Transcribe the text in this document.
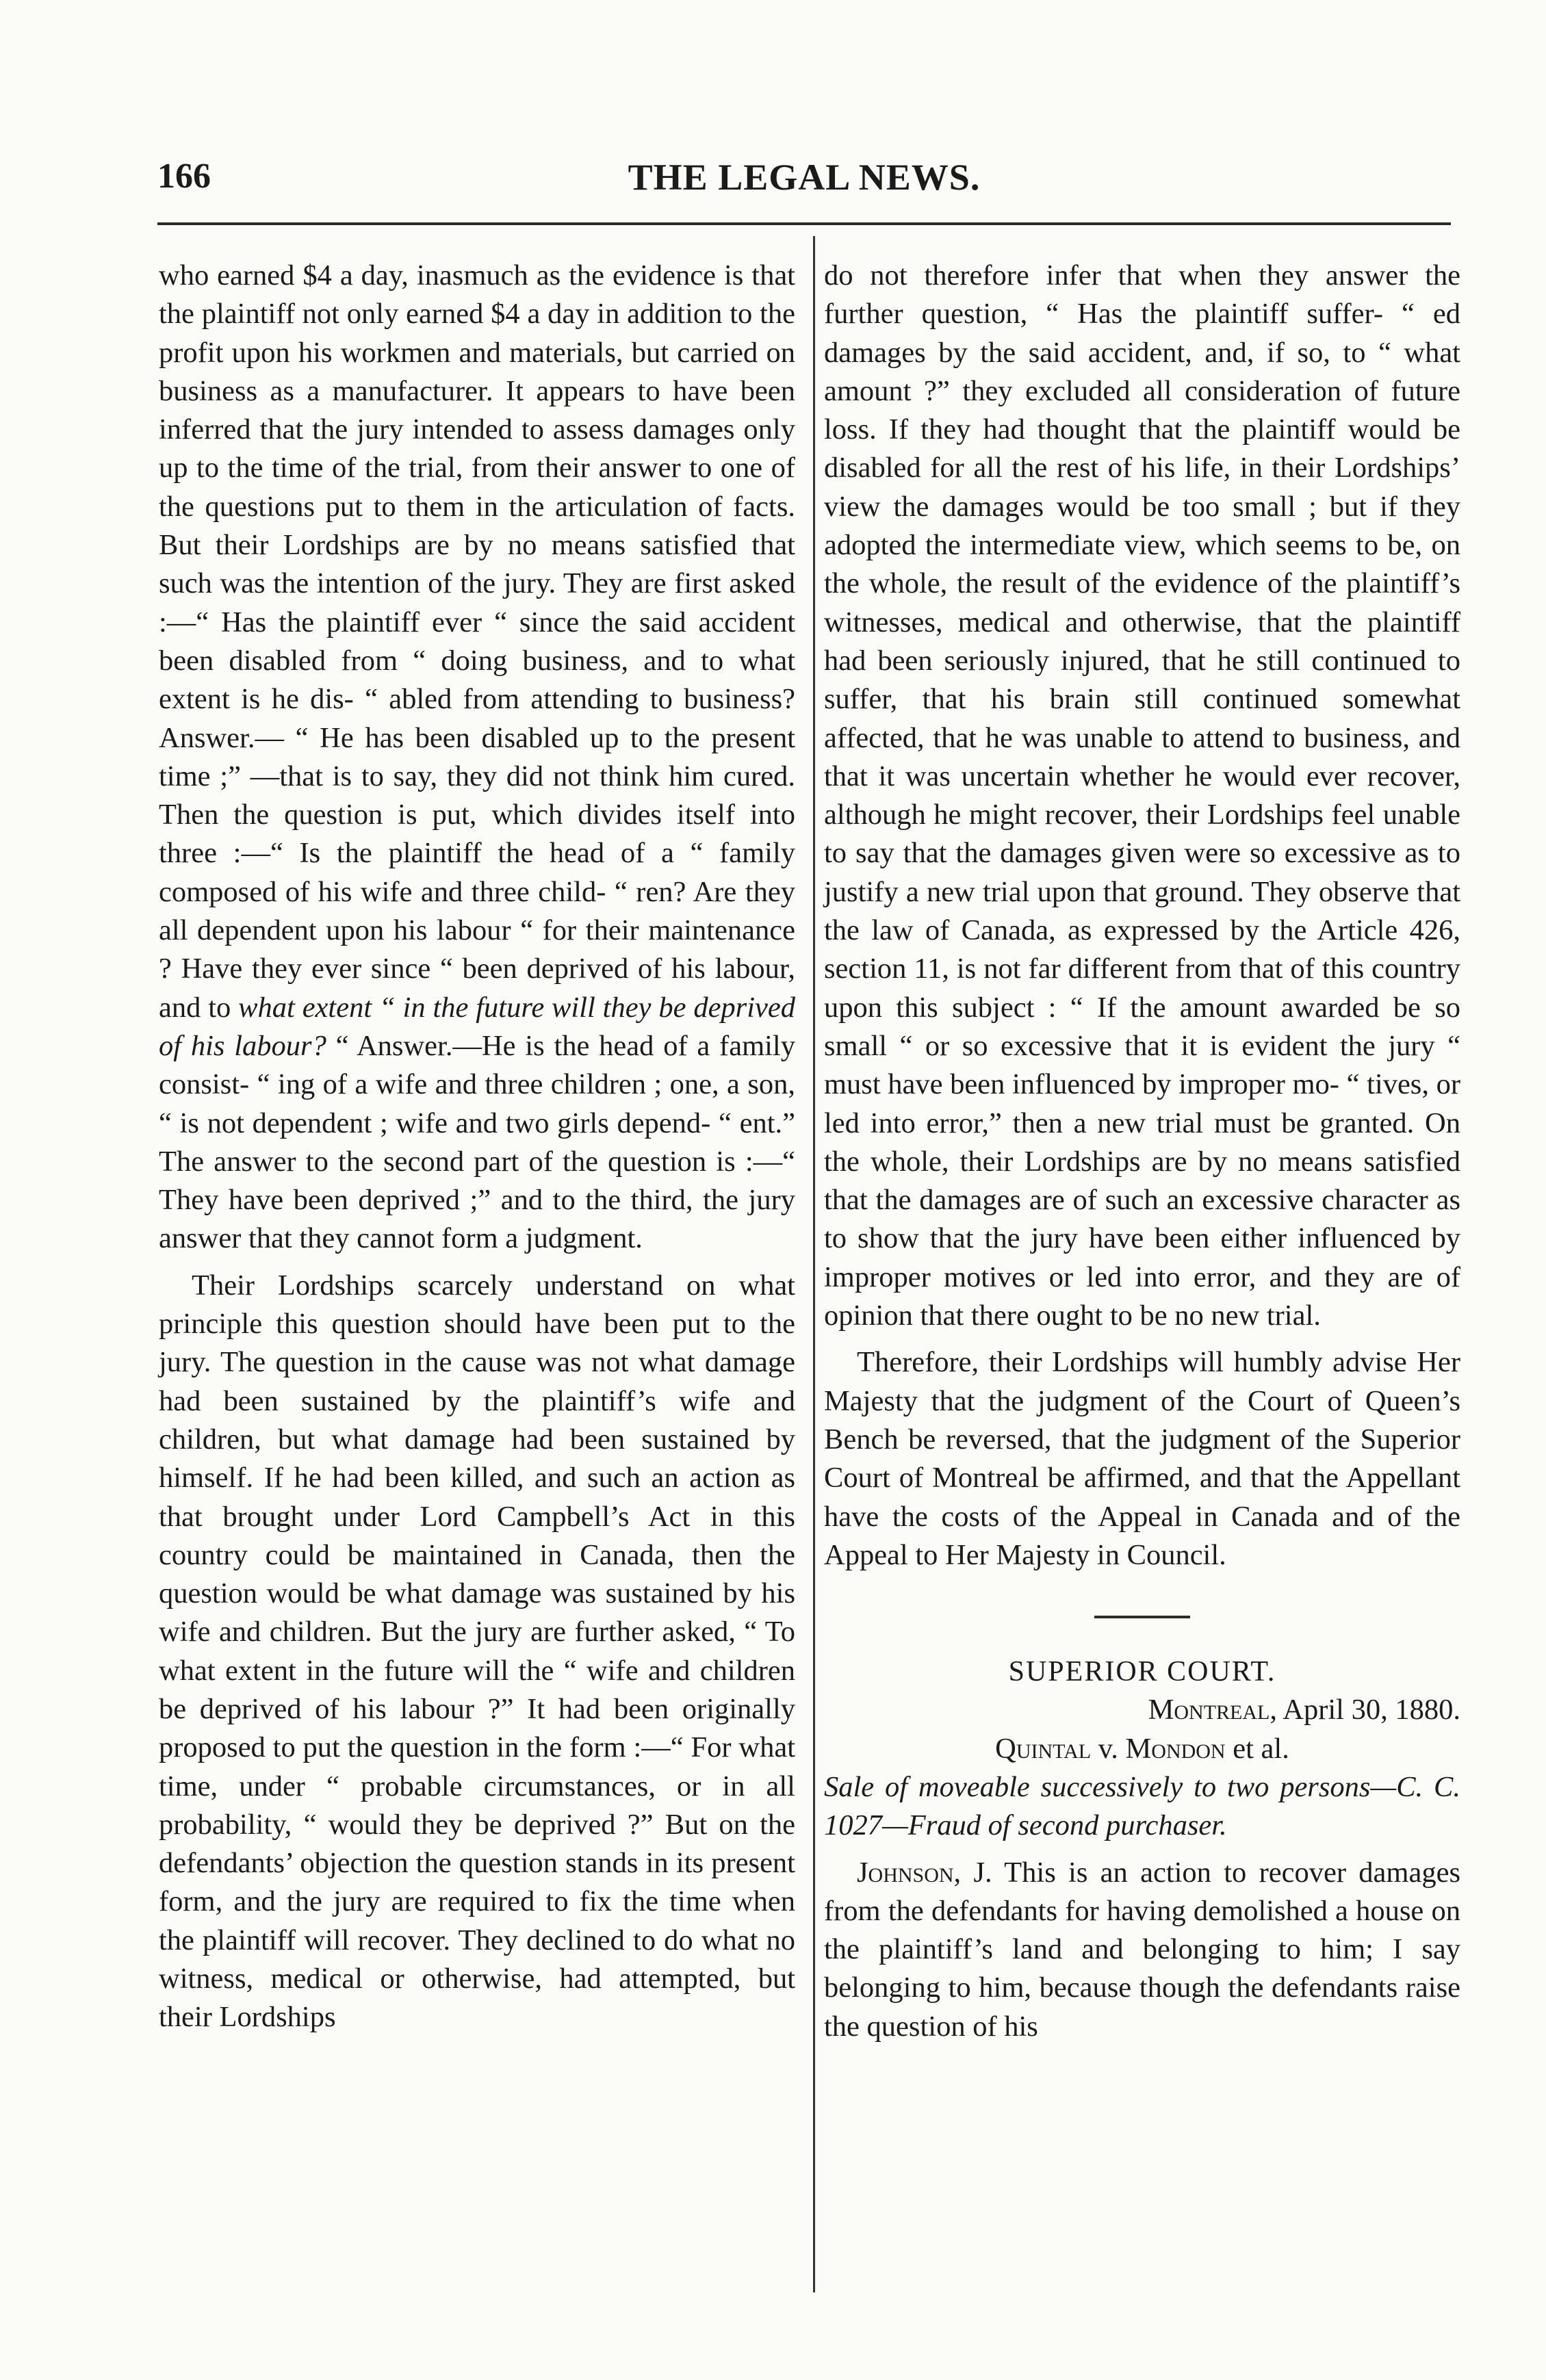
166	THE LEGAL NEWS.

who earned $4 a day, inasmuch as the evidence is that the plaintiff not only earned $4 a day in addition to the profit upon his workmen and materials, but carried on business as a manufacturer. It appears to have been inferred that the jury intended to assess damages only up to the time of the trial, from their answer to one of the questions put to them in the articulation of facts. But their Lordships are by no means satisfied that such was the intention of the jury. They are first asked :—“ Has the plaintiff ever “ since the said accident been disabled from “ doing business, and to what extent is he dis- “ abled from attending to business? Answer.— “ He has been disabled up to the present time ;” —that is to say, they did not think him cured. Then the question is put, which divides itself into three :—“ Is the plaintiff the head of a “ family composed of his wife and three child- “ ren? Are they all dependent upon his labour “ for their maintenance ? Have they ever since “ been deprived of his labour, and to what extent “ in the future will they be deprived of his labour? “ Answer.—He is the head of a family consist- “ ing of a wife and three children ; one, a son, “ is not dependent ; wife and two girls depend- “ ent.” The answer to the second part of the question is :—“ They have been deprived ;” and to the third, the jury answer that they cannot form a judgment.

Their Lordships scarcely understand on what principle this question should have been put to the jury. The question in the cause was not what damage had been sustained by the plaintiff’s wife and children, but what damage had been sustained by himself. If he had been killed, and such an action as that brought under Lord Campbell’s Act in this country could be maintained in Canada, then the question would be what damage was sustained by his wife and children. But the jury are further asked, “ To what extent in the future will the “ wife and children be deprived of his labour ?” It had been originally proposed to put the question in the form :—“ For what time, under “ probable circumstances, or in all probability, “ would they be deprived ?” But on the defendants’ objection the question stands in its present form, and the jury are required to fix the time when the plaintiff will recover. They declined to do what no witness, medical or otherwise, had attempted, but their Lordships

do not therefore infer that when they answer the further question, “ Has the plaintiff suffer- “ ed damages by the said accident, and, if so, to “ what amount ?” they excluded all consideration of future loss. If they had thought that the plaintiff would be disabled for all the rest of his life, in their Lordships’ view the damages would be too small ; but if they adopted the intermediate view, which seems to be, on the whole, the result of the evidence of the plaintiff’s witnesses, medical and otherwise, that the plaintiff had been seriously injured, that he still continued to suffer, that his brain still continued somewhat affected, that he was unable to attend to business, and that it was uncertain whether he would ever recover, although he might recover, their Lordships feel unable to say that the damages given were so excessive as to justify a new trial upon that ground. They observe that the law of Canada, as expressed by the Article 426, section 11, is not far different from that of this country upon this subject : “ If the amount awarded be so small “ or so excessive that it is evident the jury “ must have been influenced by improper mo- “ tives, or led into error,” then a new trial must be granted. On the whole, their Lordships are by no means satisfied that the damages are of such an excessive character as to show that the jury have been either influenced by improper motives or led into error, and they are of opinion that there ought to be no new trial.

Therefore, their Lordships will humbly advise Her Majesty that the judgment of the Court of Queen’s Bench be reversed, that the judgment of the Superior Court of Montreal be affirmed, and that the Appellant have the costs of the Appeal in Canada and of the Appeal to Her Majesty in Council.

SUPERIOR COURT.

Montreal, April 30, 1880.

Quintal v. Mondon et al.

Sale of moveable successively to two persons—C. C. 1027—Fraud of second purchaser.

Johnson, J. This is an action to recover damages from the defendants for having demolished a house on the plaintiff’s land and belonging to him; I say belonging to him, because though the defendants raise the question of his
